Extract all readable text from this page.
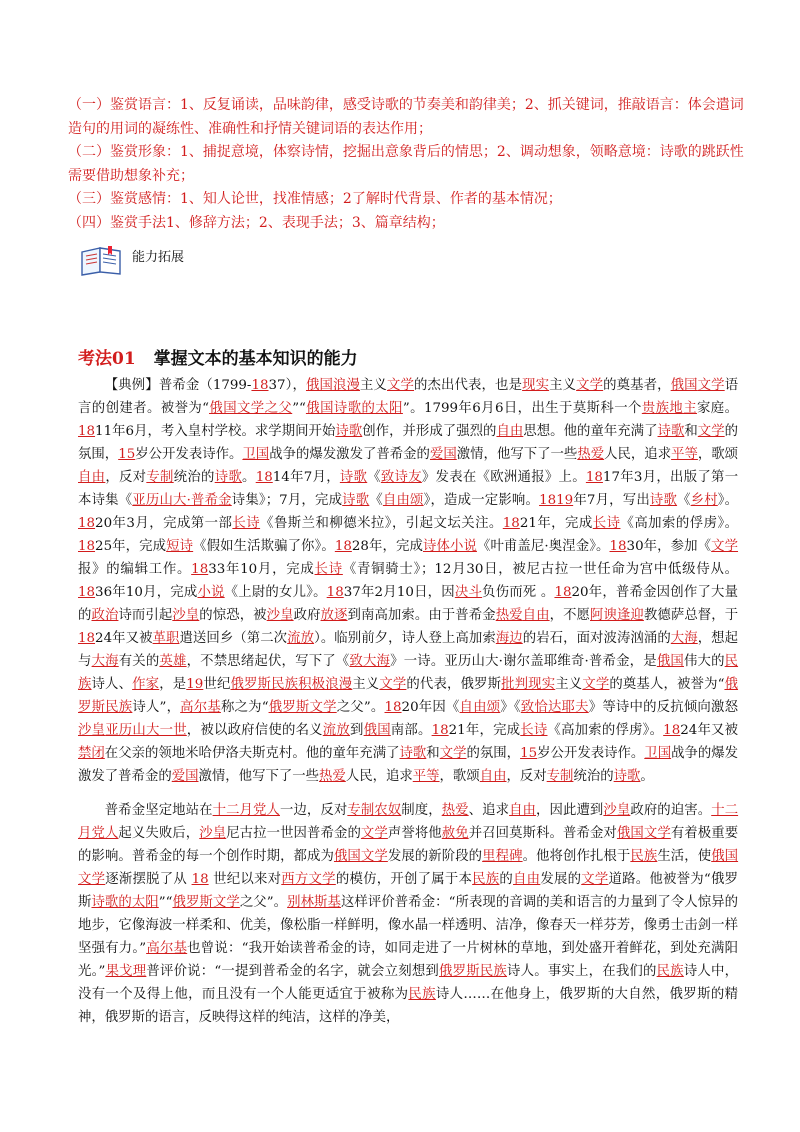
（一）鉴赏语言：1、反复诵读，品味韵律，感受诗歌的节奏美和韵律美；2、抓关键词，推敲语言：体会遣词造句的用词的凝练性、准确性和抒情关键词语的表达作用；

（二）鉴赏形象：1、捕捉意境，体察诗情，挖掘出意象背后的情思；2、调动想象，领略意境：诗歌的跳跃性需要借助想象补充；

（三）鉴赏感情：1、知人论世，找准情感；2了解时代背景、作者的基本情况；

（四）鉴赏手法1、修辞方法；2、表现手法；3、篇章结构；

能力拓展
考法01 掌握文本的基本知识的能力

【典例】普希金（1799-1837），俄国浪漫主义文学的杰出代表，也是现实主义文学的奠基者，俄国文学语言的创建者。被誉为“俄国文学之父”“俄国诗歌的太阳”。1799年6月6日，出生于莫斯科一个贵族地主家庭。1811年6月，考入皇村学校。求学期间开始诗歌创作，并形成了强烈的自由思想。他的童年充满了诗歌和文学的氛围，15岁公开发表诗作。卫国战争的爆发激发了普希金的爱国激情，他写下了一些热爱人民，追求平等，歌颂自由，反对专制统治的诗歌。1814年7月，诗歌《致诗友》发表在《欧洲通报》上。1817年3月，出版了第一本诗集《亚历山大·普希金诗集》；7月，完成诗歌《自由颂》，造成一定影响。1819年7月，写出诗歌《乡村》。1820年3月，完成第一部长诗《鲁斯兰和柳德米拉》，引起文坛关注。1821年，完成长诗《高加索的俘虏》。1825年，完成短诗《假如生活欺骗了你》。1828年，完成诗体小说《叶甫盖尼·奥涅金》。1830年，参加《文学报》的编辑工作。1833年10月，完成长诗《青铜骑士》；12月30日，被尼古拉一世任命为宫中低级侍从。1836年10月，完成小说《上尉的女儿》。1837年2月10日，因决斗负伤而死 。1820年，普希金因创作了大量的政治诗而引起沙皇的惊恐，被沙皇政府放逐到南高加索。由于普希金热爱自由，不愿阿谀逢迎教德萨总督，于1824年又被革职遣送回乡（第二次流放）。临别前夕，诗人登上高加索海边的岩石，面对波涛汹涌的大海，想起与大海有关的英雄，不禁思绪起伏，写下了《致大海》一诗。亚历山大·谢尔盖耶维奇·普希金，是俄国伟大的民族诗人、作家，是19世纪俄罗斯民族积极浪漫主义文学的代表，俄罗斯批判现实主义文学的奠基人，被誉为“俄罗斯民族诗人”，高尔基称之为“俄罗斯文学之父”。1820年因《自由颂》《致恰达耶夫》等诗中的反抗倾向激怒沙皇亚历山大一世，被以政府信使的名义流放到俄国南部。1821年，完成长诗《高加索的俘虏》。1824年又被禁闭在父亲的领地米哈伊洛夫斯克村。他的童年充满了诗歌和文学的氛围，15岁公开发表诗作。卫国战争的爆发激发了普希金的爱国激情，他写下了一些热爱人民，追求平等，歌颂自由，反对专制统治的诗歌。

普希金坚定地站在十二月党人一边，反对专制农奴制度，热爱、追求自由，因此遭到沙皇政府的迫害。十二月党人起义失败后，沙皇尼古拉一世因普希金的文学声誉将他赦免并召回莫斯科。普希金对俄国文学有着极重要的影响。普希金的每一个创作时期，都成为俄国文学发展的新阶段的里程碑。他将创作扎根于民族生活，使俄国文学逐渐摆脱了从 18 世纪以来对西方文学的模仿，开创了属于本民族的自由发展的文学道路。他被誉为“俄罗斯诗歌的太阳”“俄罗斯文学之父”。别林斯基这样评价普希金：“所表现的音调的美和语言的力量到了令人惊异的地步，它像海波一样柔和、优美，像松脂一样鲜明，像水晶一样透明、洁净，像春天一样芬芳，像勇士击剑一样坚强有力。”高尔基也曾说：“我开始读普希金的诗，如同走进了一片树林的草地，到处盛开着鲜花，到处充满阳光。”果戈理普评价说：“一提到普希金的名字，就会立刻想到俄罗斯民族诗人。事实上，在我们的民族诗人中，没有一个及得上他，而且没有一个人能更适宜于被称为民族诗人……在他身上，俄罗斯的大自然，俄罗斯的精神，俄罗斯的语言，反映得这样的纯洁，这样的净美，
